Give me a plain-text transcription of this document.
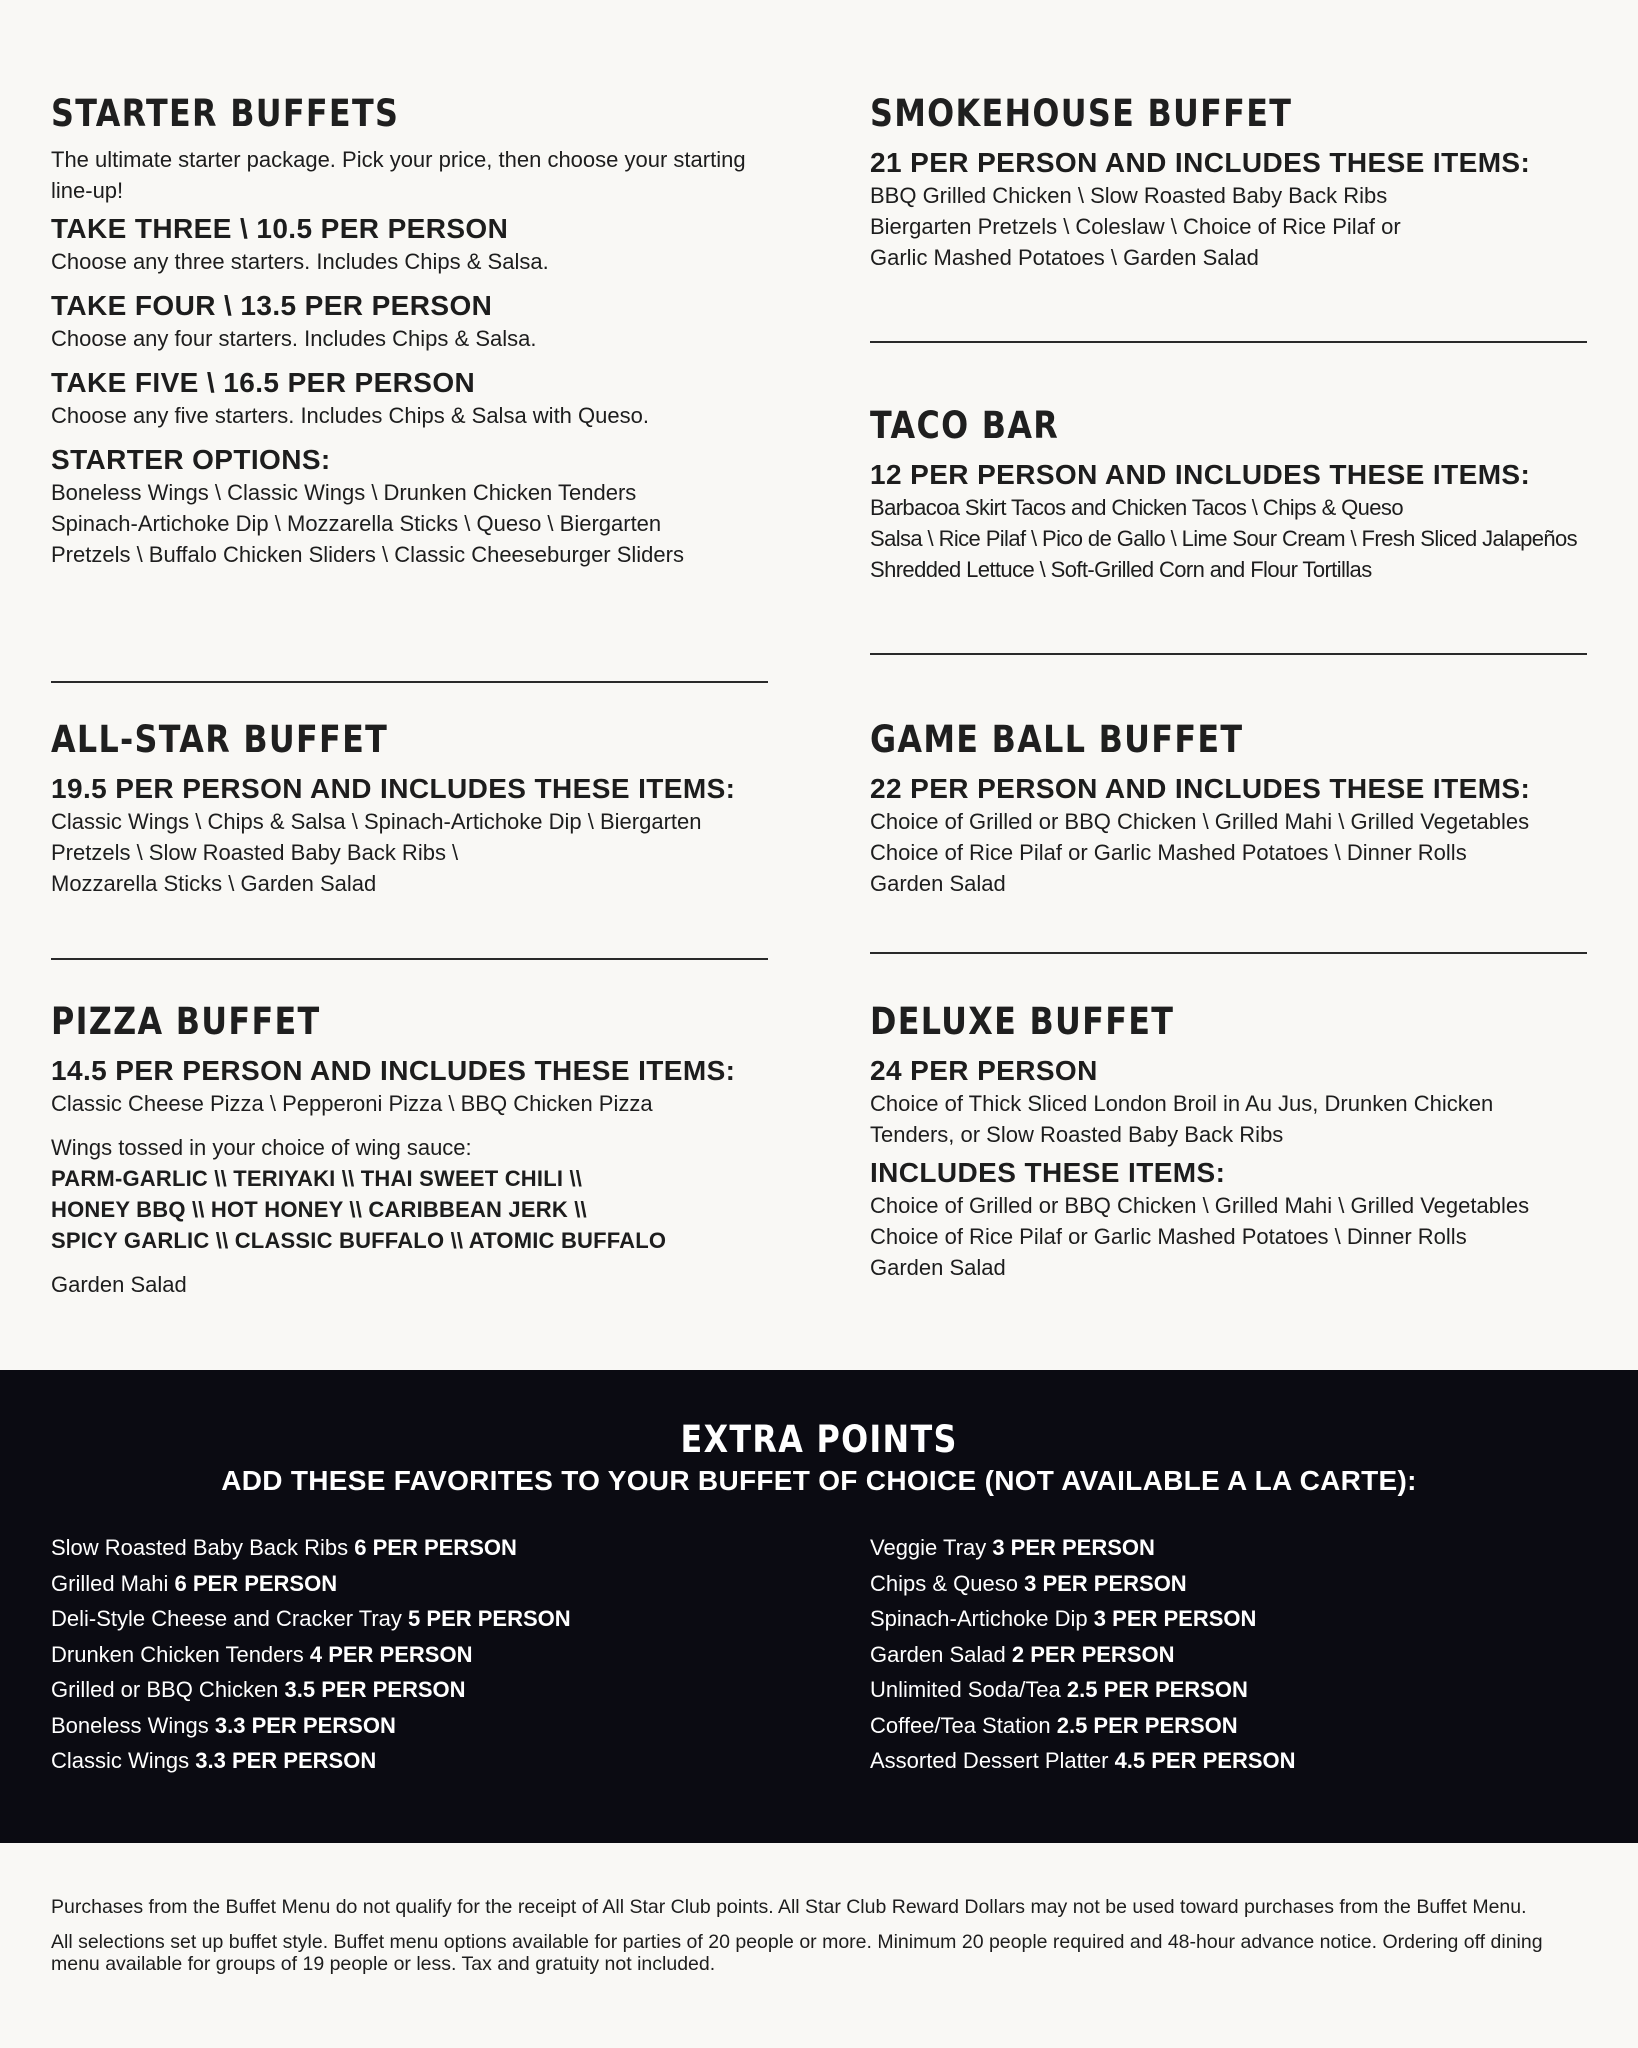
STARTER BUFFETS

The ultimate starter package. Pick your price, then choose your starting line-up!

TAKE THREE \ 10.5 PER PERSON

Choose any three starters. Includes Chips & Salsa.

TAKE FOUR \ 13.5 PER PERSON

Choose any four starters. Includes Chips & Salsa.

TAKE FIVE \ 16.5 PER PERSON

Choose any five starters. Includes Chips & Salsa with Queso.

STARTER OPTIONS:

Boneless Wings \ Classic Wings \ Drunken Chicken Tenders

Spinach-Artichoke Dip \ Mozzarella Sticks \ Queso \ Biergarten

Pretzels \ Buffalo Chicken Sliders \ Classic Cheeseburger Sliders

SMOKEHOUSE BUFFET
21 PER PERSON AND INCLUDES THESE ITEMS:

BBQ Grilled Chicken \ Slow Roasted Baby Back Ribs

Biergarten Pretzels \ Coleslaw \ Choice of Rice Pilaf or

Garlic Mashed Potatoes \ Garden Salad

TACO BAR
12 PER PERSON AND INCLUDES THESE ITEMS:

Barbacoa Skirt Tacos and Chicken Tacos \ Chips & Queso

Salsa \ Rice Pilaf \ Pico de Gallo \ Lime Sour Cream \ Fresh Sliced Jalapeños

Shredded Lettuce \ Soft-Grilled Corn and Flour Tortillas

ALL-STAR BUFFET
19.5 PER PERSON AND INCLUDES THESE ITEMS:

Classic Wings \ Chips & Salsa \ Spinach-Artichoke Dip \ Biergarten

Pretzels \ Slow Roasted Baby Back Ribs \

Mozzarella Sticks \ Garden Salad

GAME BALL BUFFET
22 PER PERSON AND INCLUDES THESE ITEMS:

Choice of Grilled or BBQ Chicken \ Grilled Mahi \ Grilled Vegetables

Choice of Rice Pilaf or Garlic Mashed Potatoes \ Dinner Rolls

Garden Salad

PIZZA BUFFET
14.5 PER PERSON AND INCLUDES THESE ITEMS:

Classic Cheese Pizza \ Pepperoni Pizza \ BBQ Chicken Pizza

Wings tossed in your choice of wing sauce:

PARM-GARLIC \\ TERIYAKI \\ THAI SWEET CHILI \\

HONEY BBQ \\ HOT HONEY \\ CARIBBEAN JERK \\

SPICY GARLIC \\ CLASSIC BUFFALO \\ ATOMIC BUFFALO

Garden Salad

DELUXE BUFFET
24 PER PERSON

Choice of Thick Sliced London Broil in Au Jus, Drunken Chicken

Tenders, or Slow Roasted Baby Back Ribs

INCLUDES THESE ITEMS:

Choice of Grilled or BBQ Chicken \ Grilled Mahi \ Grilled Vegetables

Choice of Rice Pilaf or Garlic Mashed Potatoes \ Dinner Rolls

Garden Salad

EXTRA POINTS
ADD THESE FAVORITES TO YOUR BUFFET OF CHOICE (NOT AVAILABLE A LA CARTE):
Slow Roasted Baby Back Ribs 6 PER PERSON
Grilled Mahi 6 PER PERSON
Deli-Style Cheese and Cracker Tray 5 PER PERSON
Drunken Chicken Tenders 4 PER PERSON
Grilled or BBQ Chicken 3.5 PER PERSON
Boneless Wings 3.3 PER PERSON
Classic Wings 3.3 PER PERSON
Veggie Tray 3 PER PERSON
Chips & Queso 3 PER PERSON
Spinach-Artichoke Dip 3 PER PERSON
Garden Salad 2 PER PERSON
Unlimited Soda/Tea 2.5 PER PERSON
Coffee/Tea Station 2.5 PER PERSON
Assorted Dessert Platter 4.5 PER PERSON

Purchases from the Buffet Menu do not qualify for the receipt of All Star Club points. All Star Club Reward Dollars may not be used toward purchases from the Buffet Menu.

All selections set up buffet style. Buffet menu options available for parties of 20 people or more. Minimum 20 people required and 48-hour advance notice. Ordering off dining menu available for groups of 19 people or less. Tax and gratuity not included.
